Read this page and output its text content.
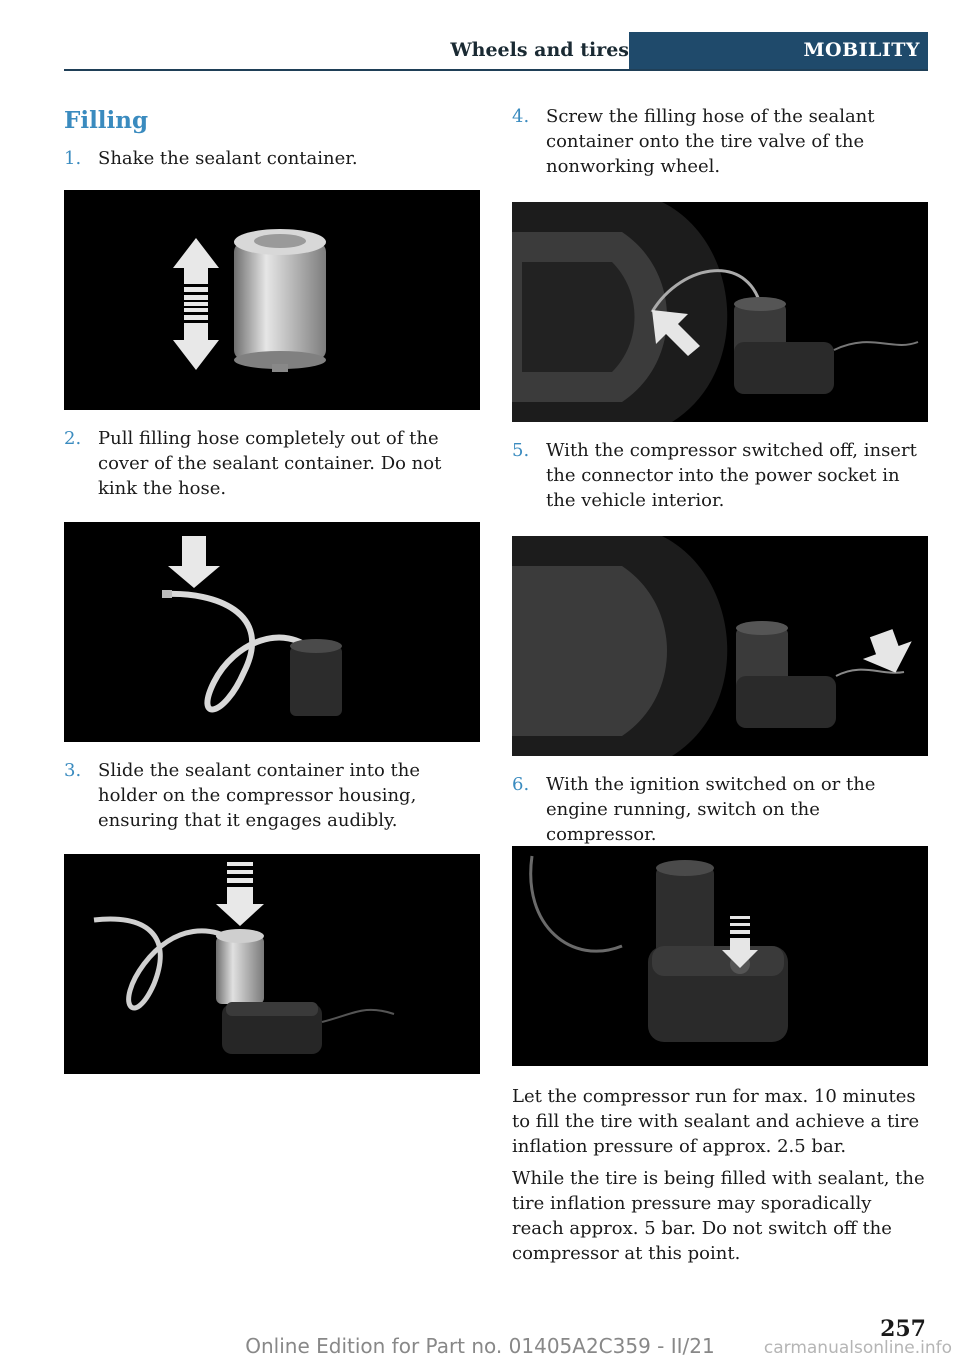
Wheels and tires	MOBILITY
Filling
1. Shake the sealant container.
2. Pull filling hose completely out of the cover of the sealant container. Do not kink the hose.
3. Slide the sealant container into the holder on the compressor housing, ensuring that it engages audibly.
4. Screw the filling hose of the sealant container onto the tire valve of the nonworking wheel.
5. With the compressor switched off, insert the connector into the power socket in the vehicle interior.
6. With the ignition switched on or the engine running, switch on the compressor.

Let the compressor run for max. 10 minutes to fill the tire with sealant and achieve a tire inflation pressure of approx. 2.5 bar.

While the tire is being filled with sealant, the tire inflation pressure may sporadically reach approx. 5 bar. Do not switch off the compressor at this point.

257
Online Edition for Part no. 01405A2C359 - II/21	carmanualsonline.info
